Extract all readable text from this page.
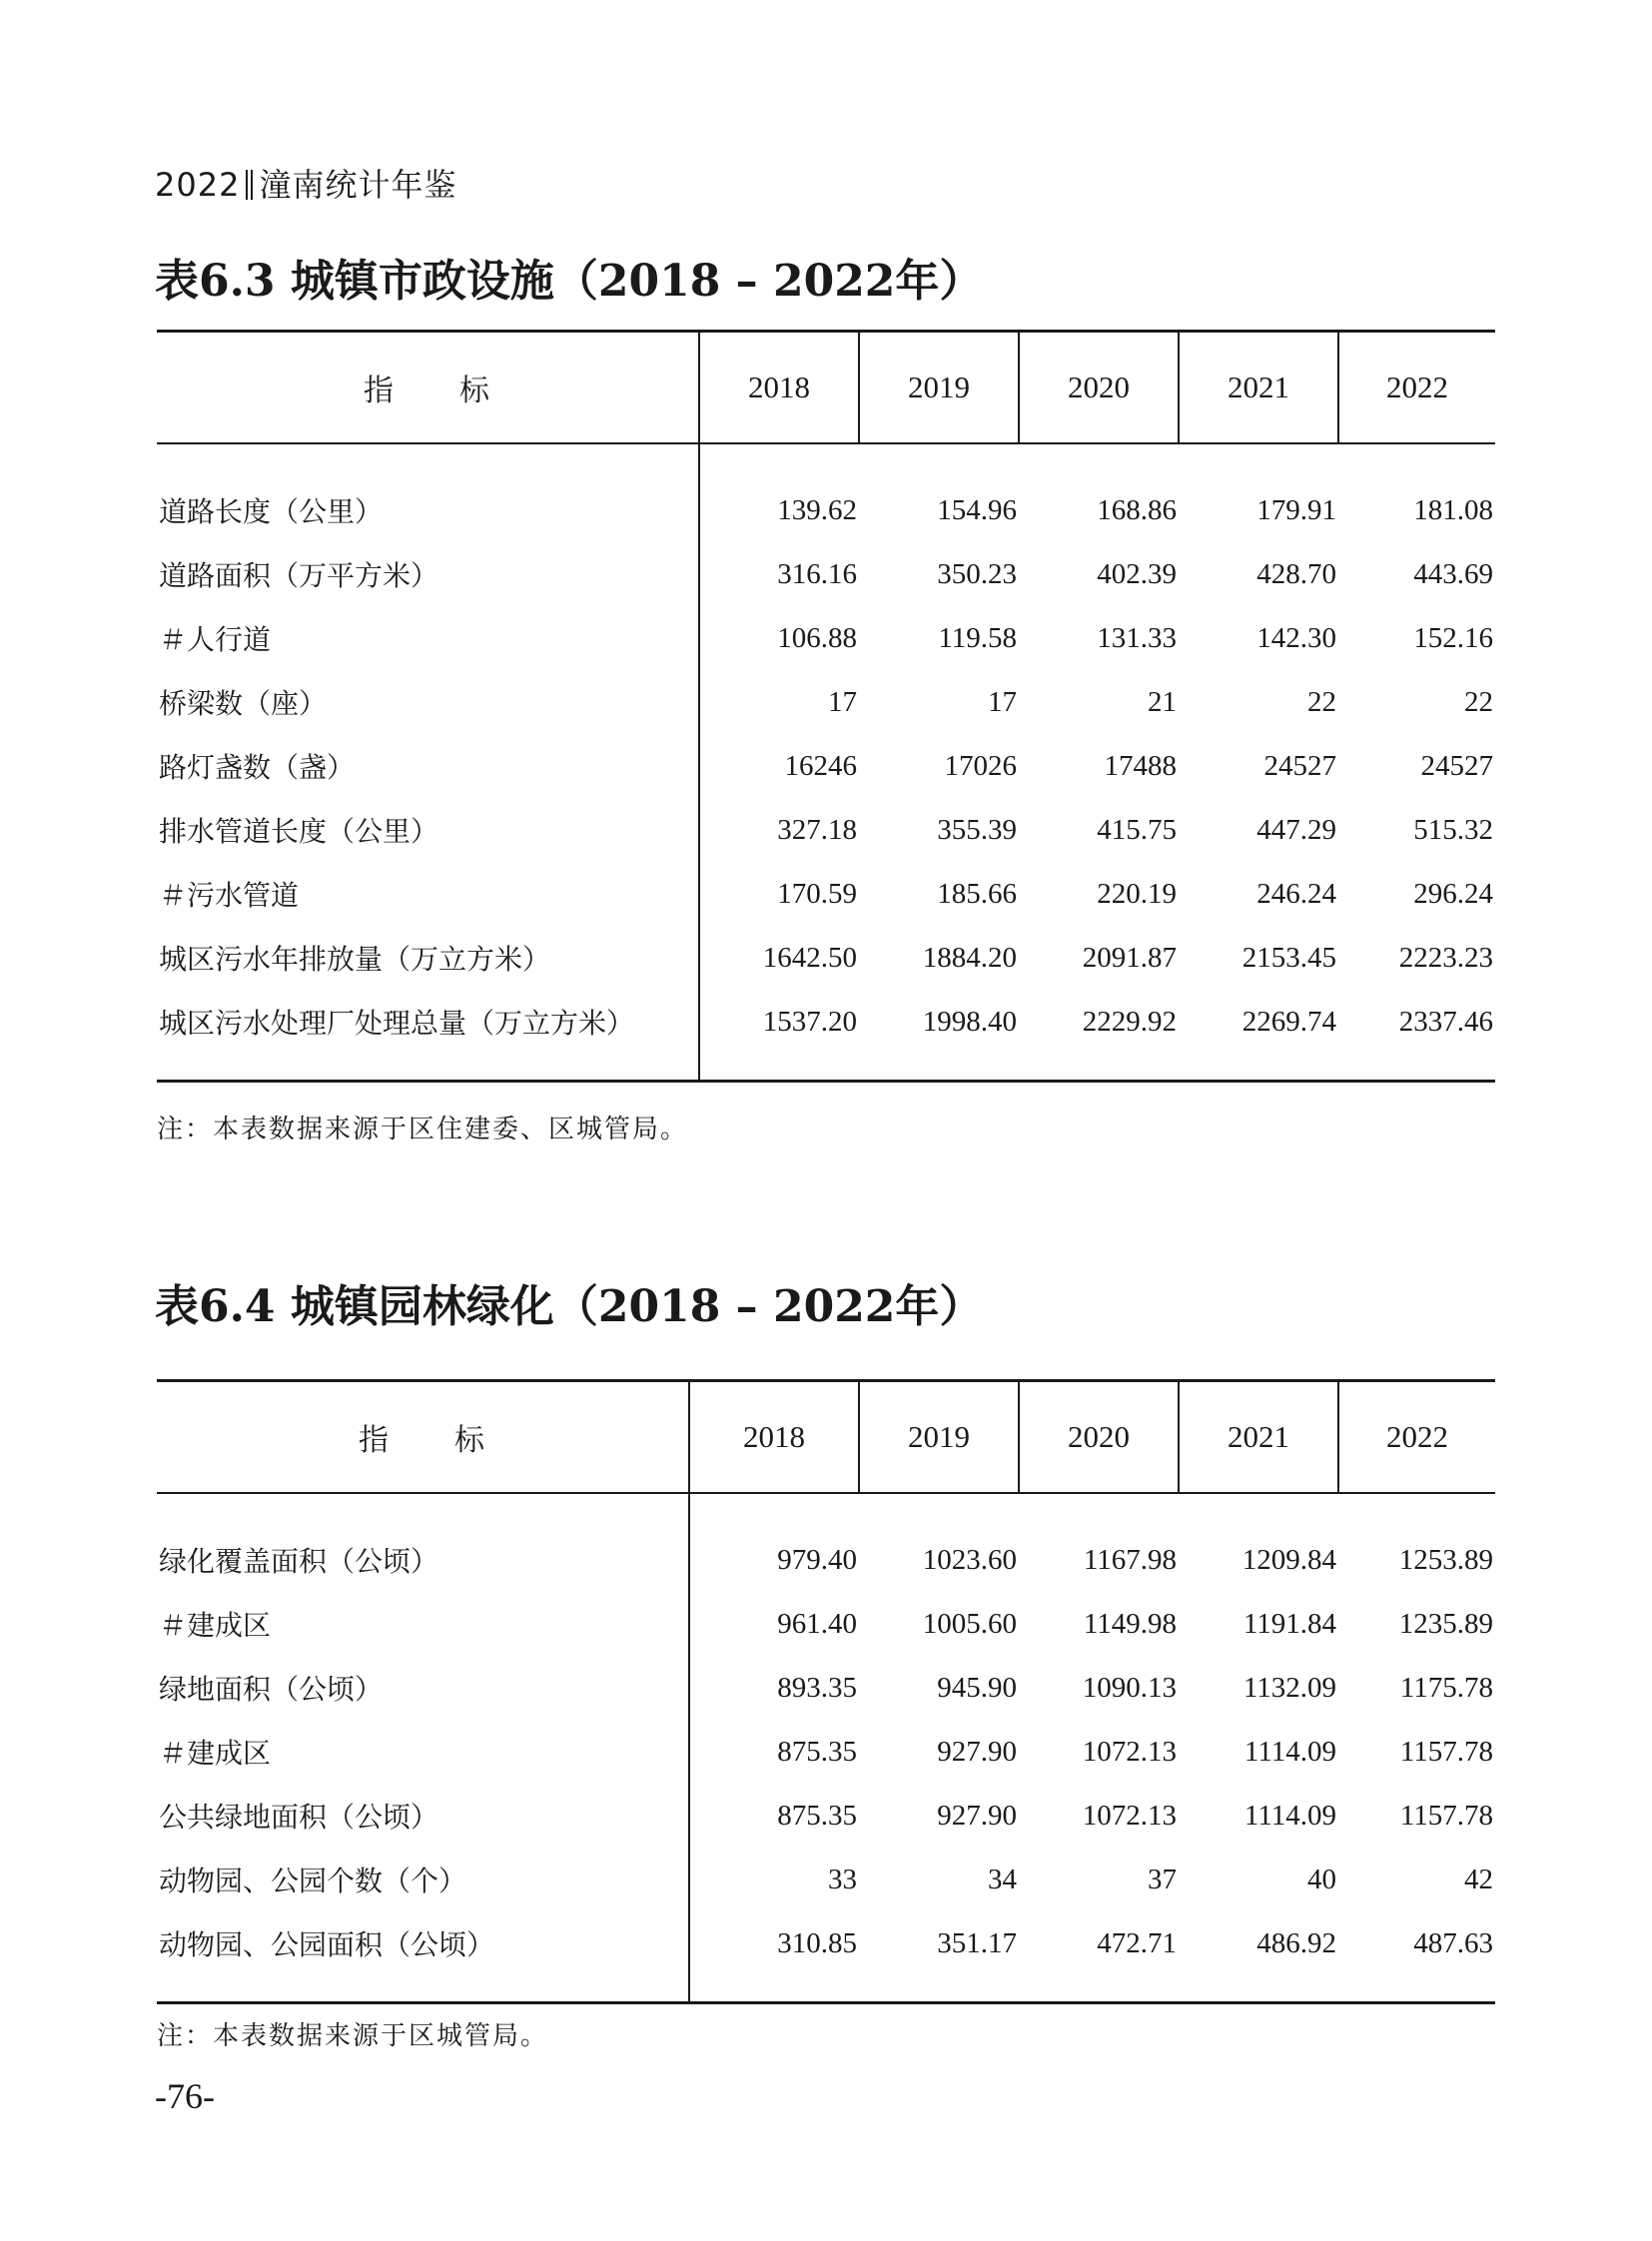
2022 潼南统计年鉴
表6.3 城镇市政设施（2018 – 2022年）
指　　标	2018	2019	2020	2021	2022

道路长度（公里）	139.62	154.96	168.86	179.91	181.08
道路面积（万平方米）	316.16	350.23	402.39	428.70	443.69
＃人行道	106.88	119.58	131.33	142.30	152.16
桥梁数（座）	17	17	21	22	22
路灯盏数（盏）	16246	17026	17488	24527	24527
排水管道长度（公里）	327.18	355.39	415.75	447.29	515.32
＃污水管道	170.59	185.66	220.19	246.24	296.24
城区污水年排放量（万立方米）	1642.50	1884.20	2091.87	2153.45	2223.23
城区污水处理厂处理总量（万立方米）	1537.20	1998.40	2229.92	2269.74	2337.46

注：本表数据来源于区住建委、区城管局。
表6.4 城镇园林绿化（2018 – 2022年）
指　　标	2018	2019	2020	2021	2022

绿化覆盖面积（公顷）	979.40	1023.60	1167.98	1209.84	1253.89
＃建成区	961.40	1005.60	1149.98	1191.84	1235.89
绿地面积（公顷）	893.35	945.90	1090.13	1132.09	1175.78
＃建成区	875.35	927.90	1072.13	1114.09	1157.78
公共绿地面积（公顷）	875.35	927.90	1072.13	1114.09	1157.78
动物园、公园个数（个）	33	34	37	40	42
动物园、公园面积（公顷）	310.85	351.17	472.71	486.92	487.63

注：本表数据来源于区城管局。
-76-
